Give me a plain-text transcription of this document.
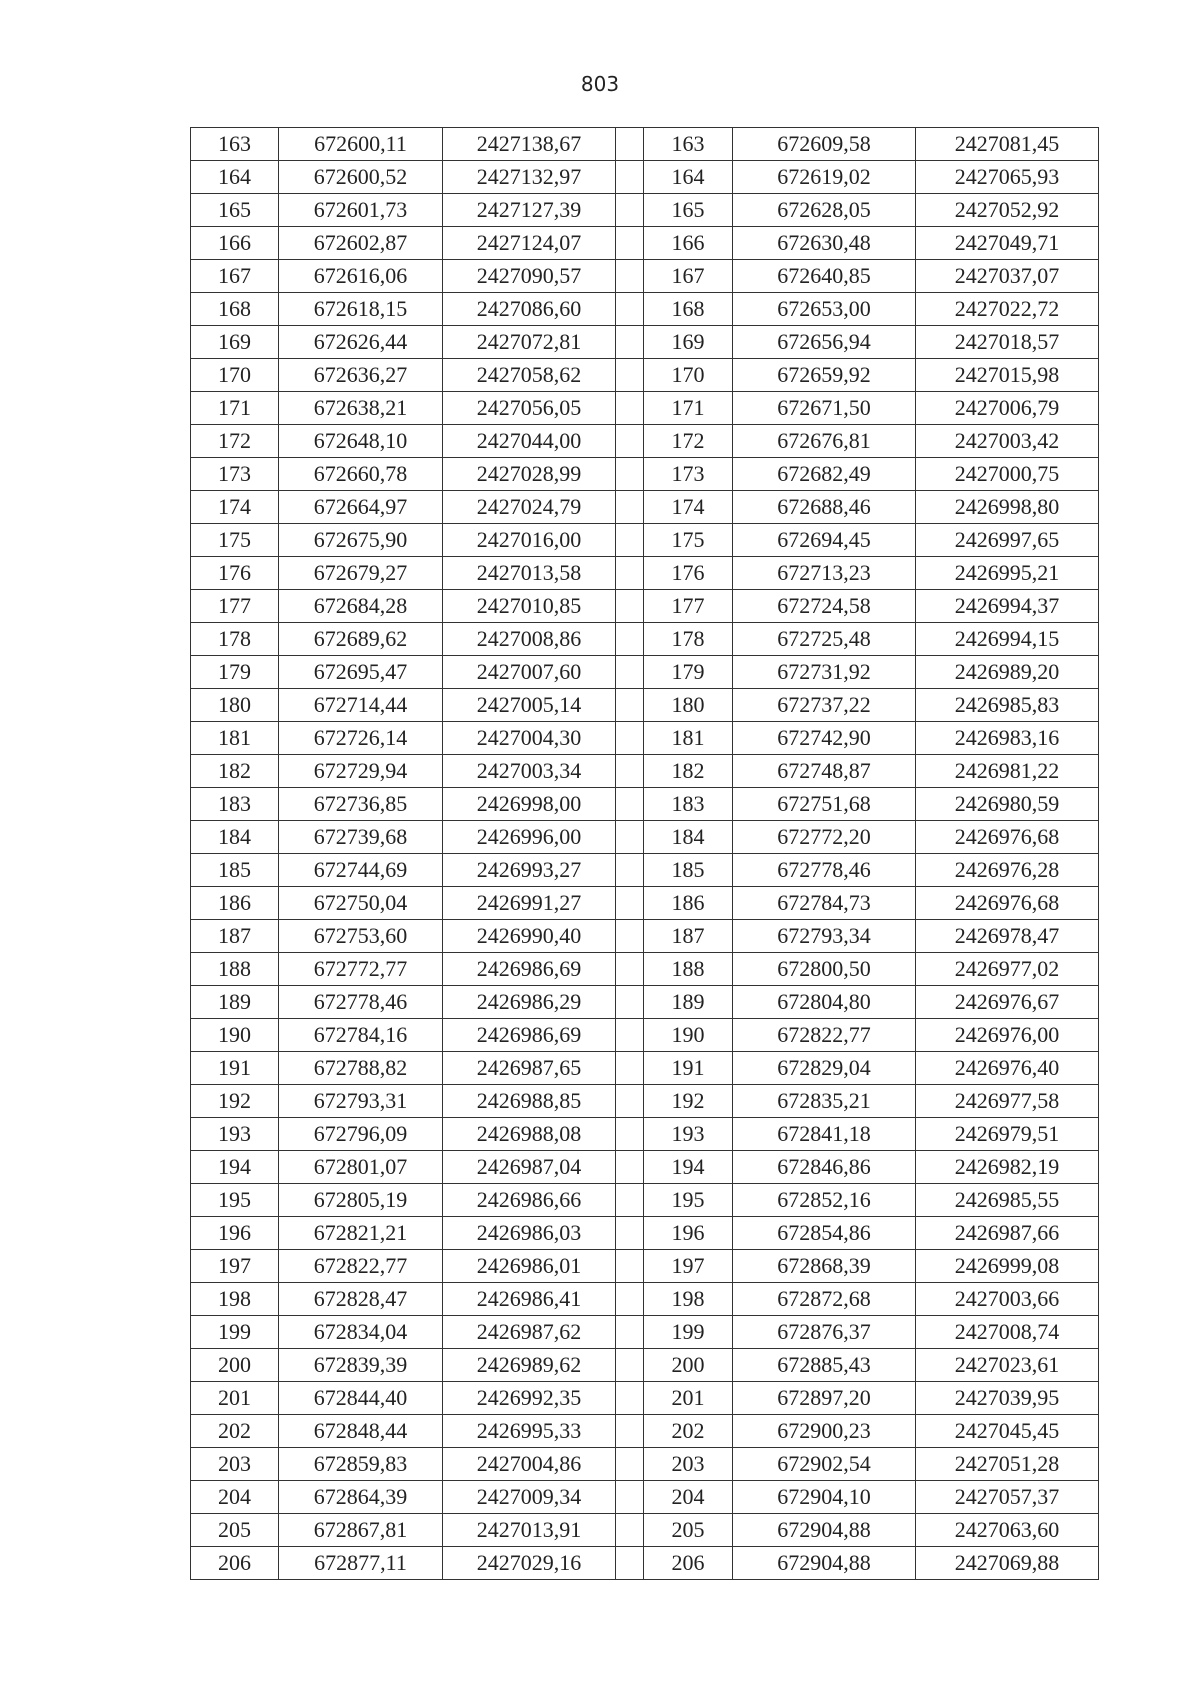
803
163	672600,11	2427138,67		163	672609,58	2427081,45
164	672600,52	2427132,97		164	672619,02	2427065,93
165	672601,73	2427127,39		165	672628,05	2427052,92
166	672602,87	2427124,07		166	672630,48	2427049,71
167	672616,06	2427090,57		167	672640,85	2427037,07
168	672618,15	2427086,60		168	672653,00	2427022,72
169	672626,44	2427072,81		169	672656,94	2427018,57
170	672636,27	2427058,62		170	672659,92	2427015,98
171	672638,21	2427056,05		171	672671,50	2427006,79
172	672648,10	2427044,00		172	672676,81	2427003,42
173	672660,78	2427028,99		173	672682,49	2427000,75
174	672664,97	2427024,79		174	672688,46	2426998,80
175	672675,90	2427016,00		175	672694,45	2426997,65
176	672679,27	2427013,58		176	672713,23	2426995,21
177	672684,28	2427010,85		177	672724,58	2426994,37
178	672689,62	2427008,86		178	672725,48	2426994,15
179	672695,47	2427007,60		179	672731,92	2426989,20
180	672714,44	2427005,14		180	672737,22	2426985,83
181	672726,14	2427004,30		181	672742,90	2426983,16
182	672729,94	2427003,34		182	672748,87	2426981,22
183	672736,85	2426998,00		183	672751,68	2426980,59
184	672739,68	2426996,00		184	672772,20	2426976,68
185	672744,69	2426993,27		185	672778,46	2426976,28
186	672750,04	2426991,27		186	672784,73	2426976,68
187	672753,60	2426990,40		187	672793,34	2426978,47
188	672772,77	2426986,69		188	672800,50	2426977,02
189	672778,46	2426986,29		189	672804,80	2426976,67
190	672784,16	2426986,69		190	672822,77	2426976,00
191	672788,82	2426987,65		191	672829,04	2426976,40
192	672793,31	2426988,85		192	672835,21	2426977,58
193	672796,09	2426988,08		193	672841,18	2426979,51
194	672801,07	2426987,04		194	672846,86	2426982,19
195	672805,19	2426986,66		195	672852,16	2426985,55
196	672821,21	2426986,03		196	672854,86	2426987,66
197	672822,77	2426986,01		197	672868,39	2426999,08
198	672828,47	2426986,41		198	672872,68	2427003,66
199	672834,04	2426987,62		199	672876,37	2427008,74
200	672839,39	2426989,62		200	672885,43	2427023,61
201	672844,40	2426992,35		201	672897,20	2427039,95
202	672848,44	2426995,33		202	672900,23	2427045,45
203	672859,83	2427004,86		203	672902,54	2427051,28
204	672864,39	2427009,34		204	672904,10	2427057,37
205	672867,81	2427013,91		205	672904,88	2427063,60
206	672877,11	2427029,16		206	672904,88	2427069,88
